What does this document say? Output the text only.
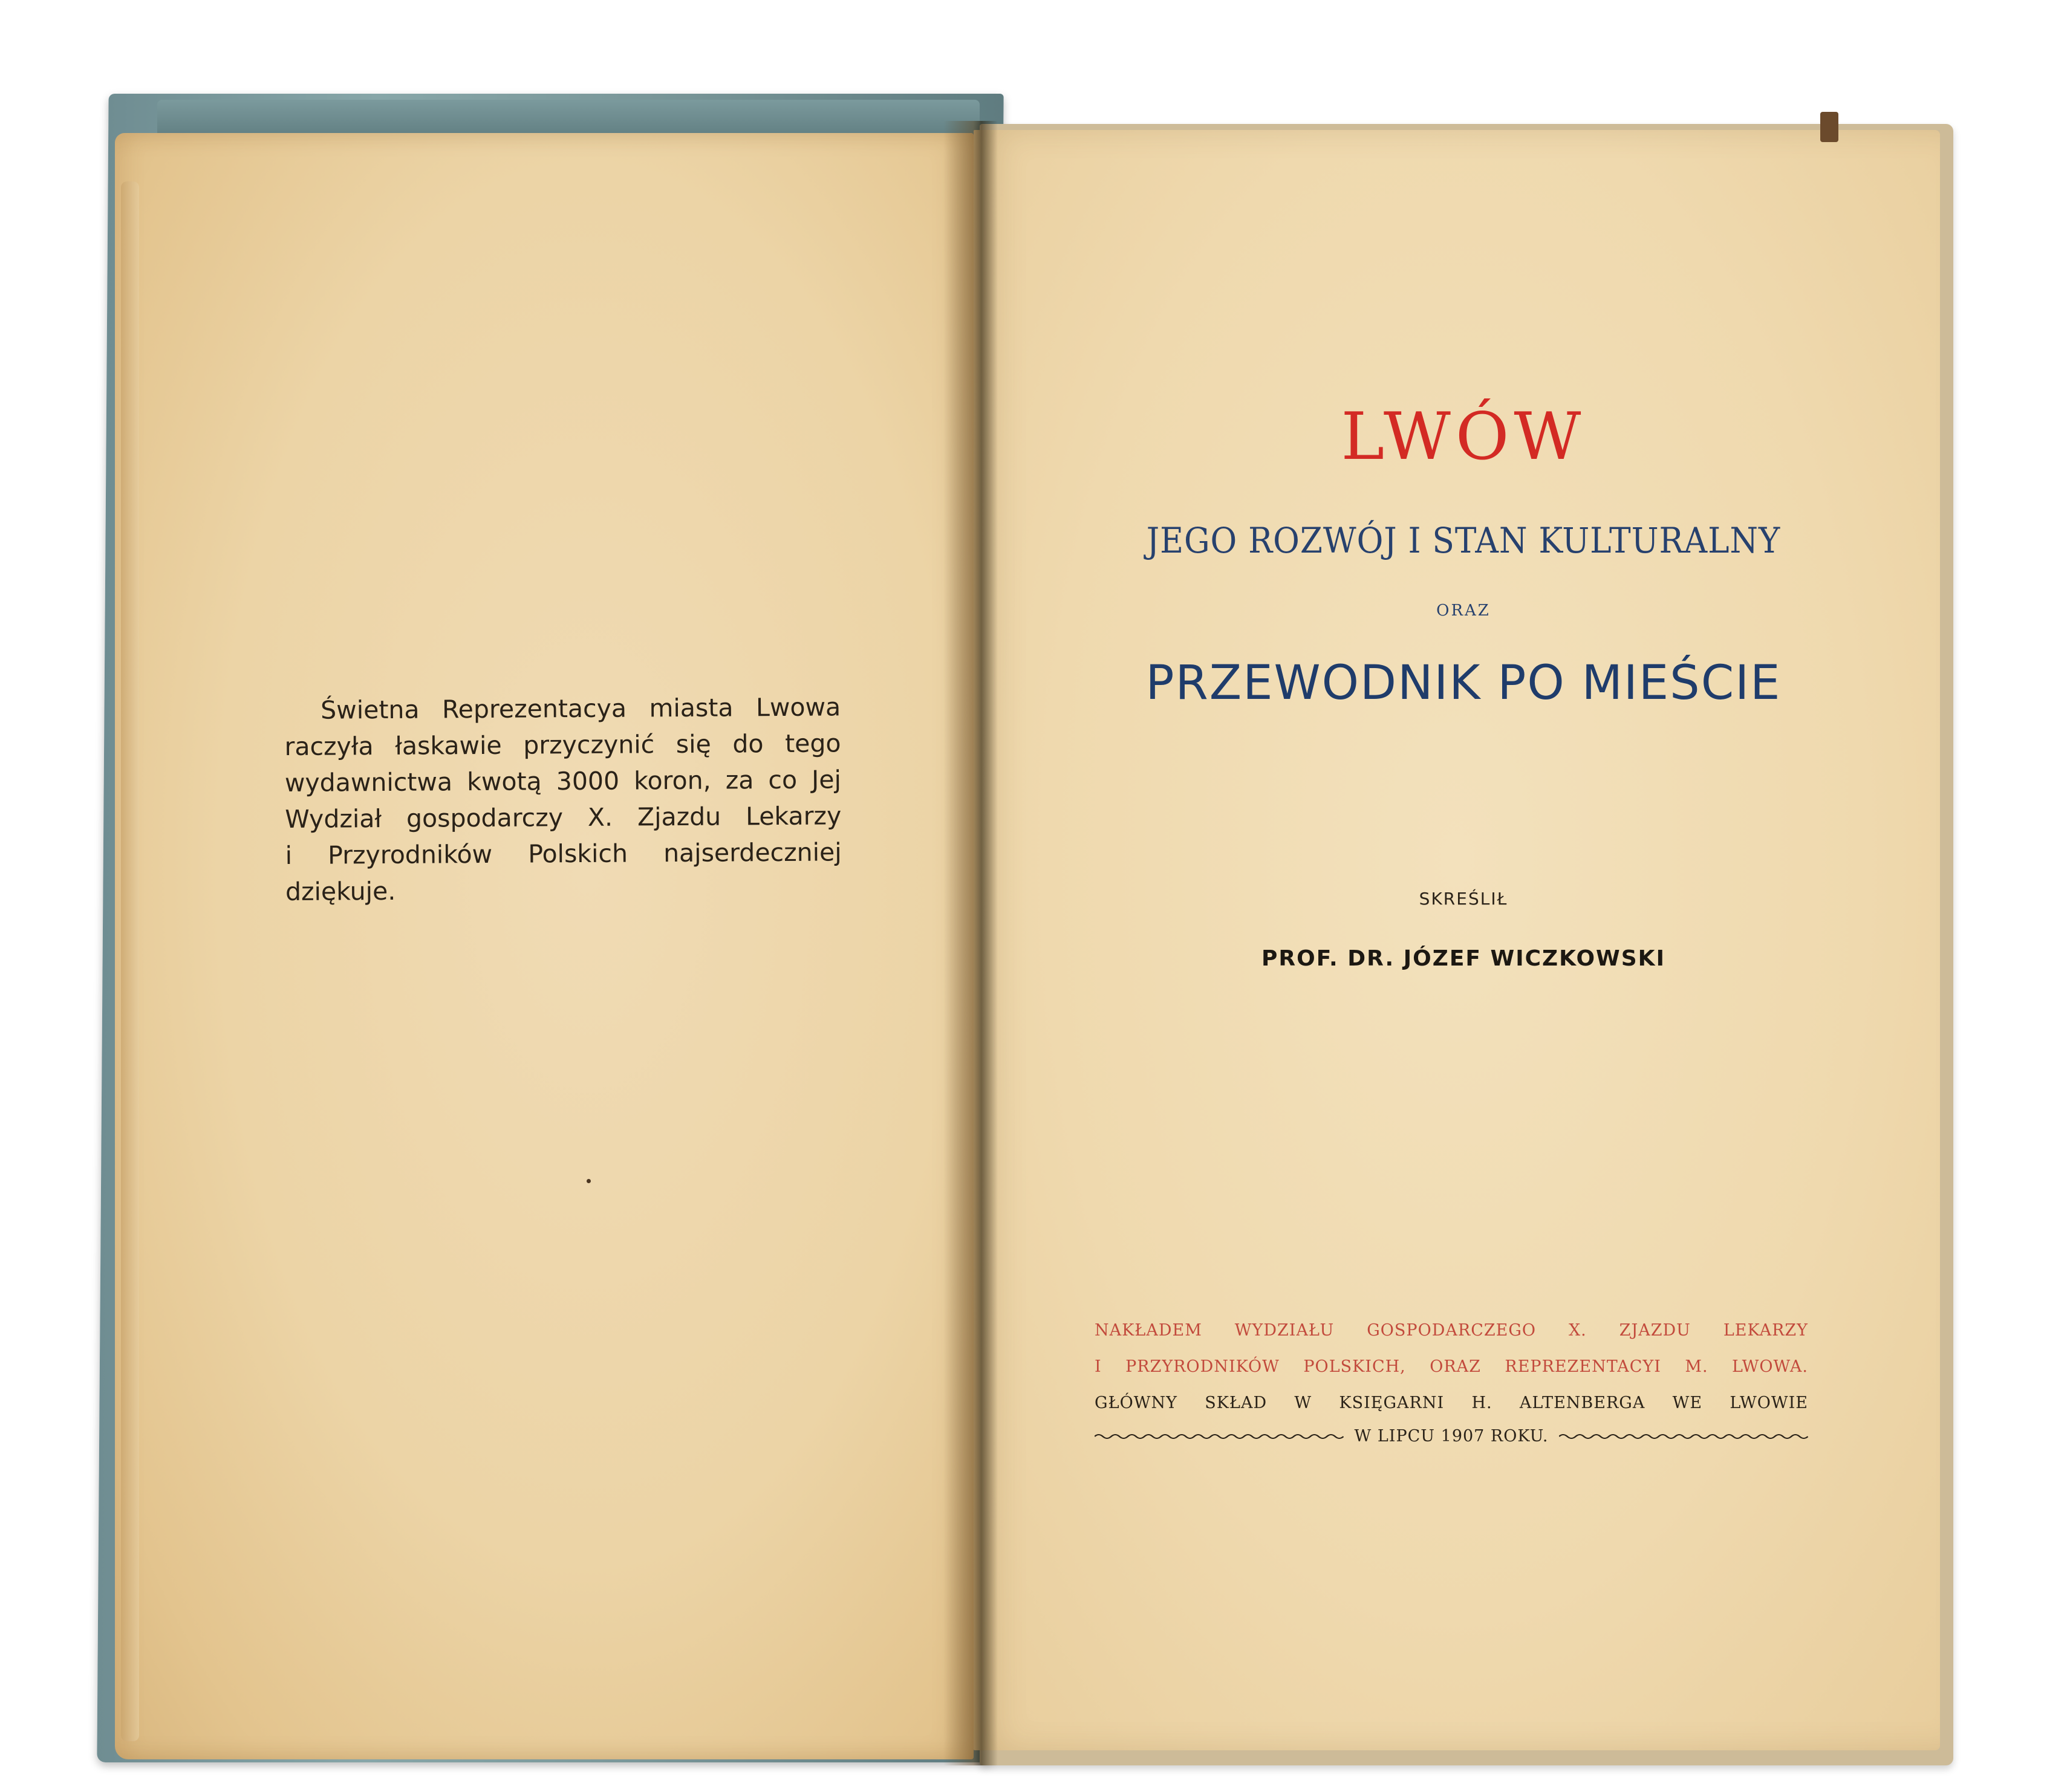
Świetna Reprezentacya miasta Lwowa
raczyła łaskawie przyczynić się do tego
wydawnictwa kwotą 3000 koron, za co Jej
Wydział gospodarczy X. Zjazdu Lekarzy
i Przyrodników Polskich najserdeczniej
dziękuje.
LWÓW
JEGO ROZWÓJ I STAN KULTURALNY
ORAZ
PRZEWODNIK PO MIEŚCIE
SKREŚLIŁ
PROF. DR. JÓZEF WICZKOWSKI
NAKŁADEM WYDZIAŁU GOSPODARCZEGO X. ZJAZDU LEKARZY
I PRZYRODNIKÓW POLSKICH, ORAZ REPREZENTACYI M. LWOWA.
GŁÓWNY SKŁAD W KSIĘGARNI H. ALTENBERGA WE LWOWIE
W LIPCU 1907 ROKU.
